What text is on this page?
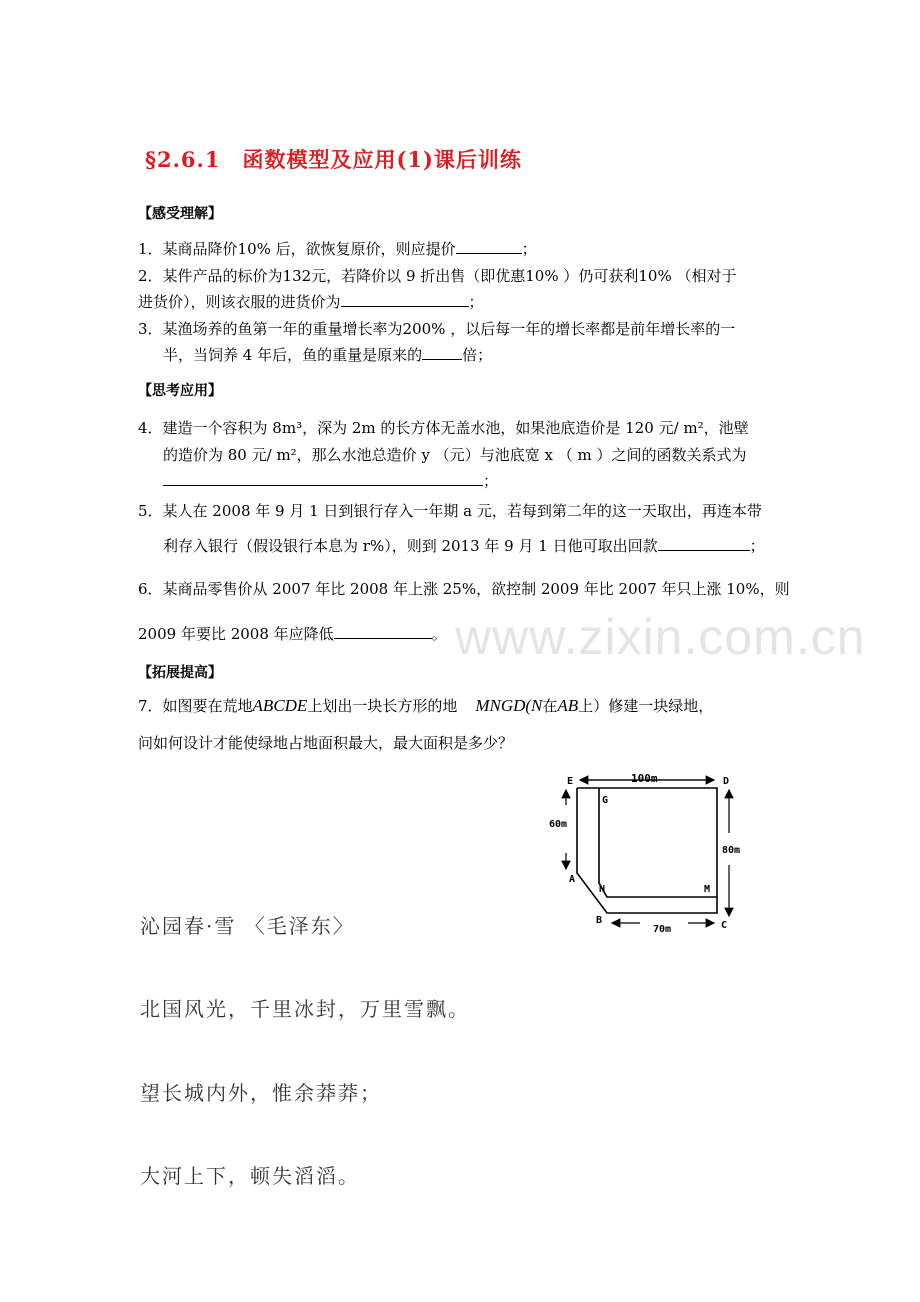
§2.6.1　函数模型及应用(1)课后训练
【感受理解】
1．某商品降价10% 后，欲恢复原价，则应提价	；
2．某件产品的标价为132元，若降价以 9 折出售（即优惠10% ）仍可获利10% （相对于
进货价），则该衣服的进货价为	；
3．某渔场养的鱼第一年的重量增长率为200% ，以后每一年的增长率都是前年增长率的一
半，当饲养 4 年后，鱼的重量是原来的	倍；
【思考应用】
4．建造一个容积为 8m³，深为 2m 的长方体无盖水池，如果池底造价是 120 元/ m²，池壁
的造价为 80 元/ m²，那么水池总造价 y （元）与池底宽 x （ m ）之间的函数关系式为
；
5．某人在 2008 年 9 月 1 日到银行存入一年期 a 元，若每到第二年的这一天取出，再连本带
利存入银行（假设银行本息为 r%），则到 2013 年 9 月 1 日他可取出回款	；
6．某商品零售价从 2007 年比 2008 年上涨 25%，欲控制 2009 年比 2007 年只上涨 10%，则
2009 年要比 2008 年应降低	。 www.zixin.com.cn
【拓展提高】
7．如图要在荒地ABCDE上划出一块长方形的地 MNGD(N在AB上）修建一块绿地，
问如何设计才能使绿地占地面积最大，最大面积是多少？
E	D
G
A
N	M
B	C
100m
60m
80m
70m
沁园春·雪 〈毛泽东〉
北国风光，千里冰封，万里雪飘。
望长城内外，惟余莽莽；
大河上下，顿失滔滔。
